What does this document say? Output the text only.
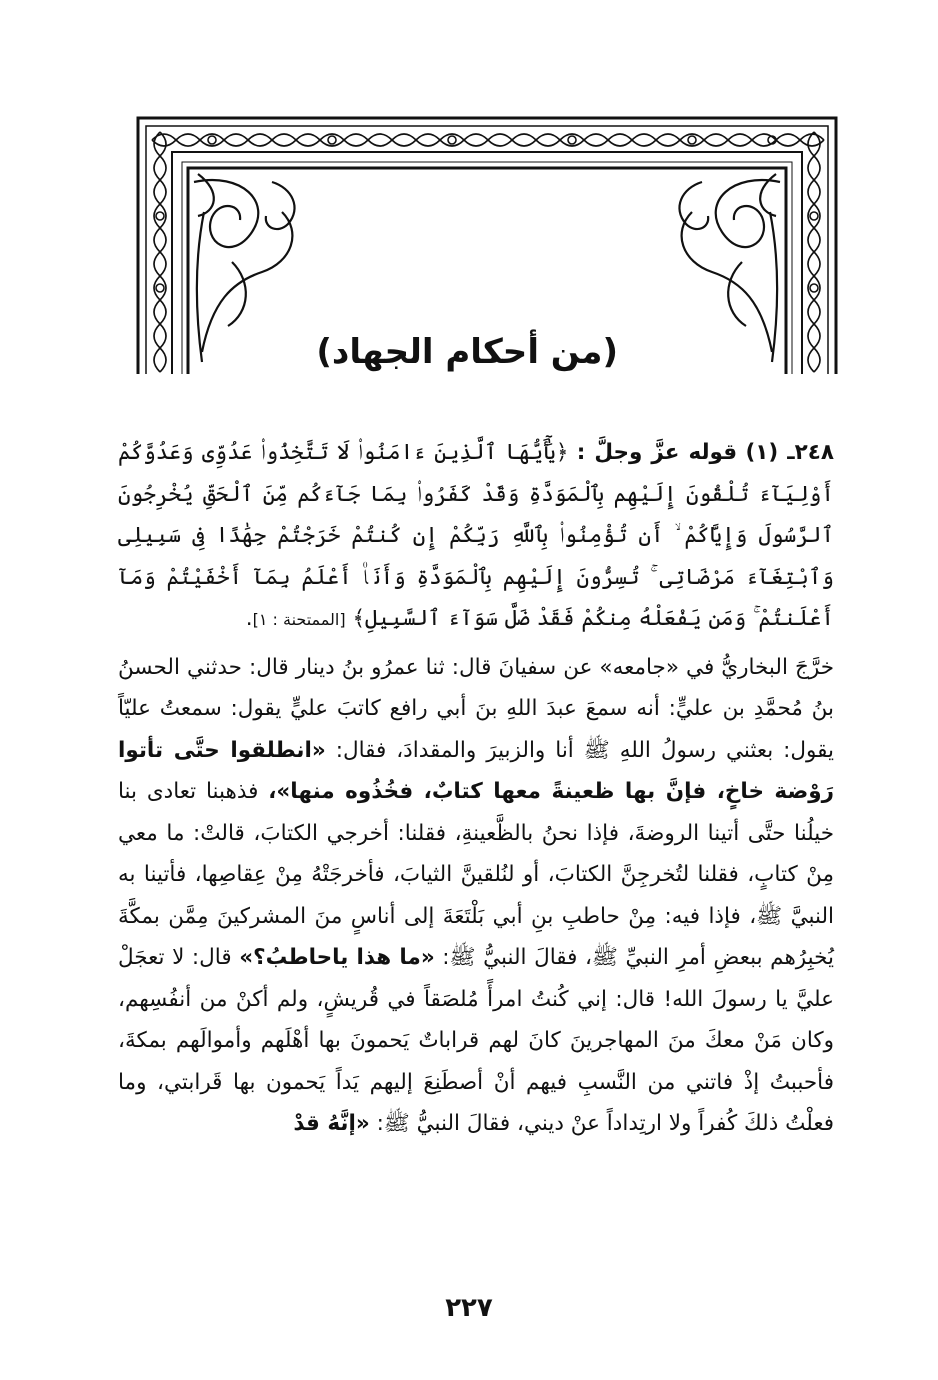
(من أحكام الجهاد)

٢٤٨ـ (١) قوله عزَّ وجلَّ : ﴿يَٰٓأَيُّهَا ٱلَّذِينَ ءَامَنُوا۟ لَا تَتَّخِذُوا۟ عَدُوِّى وَعَدُوَّكُمْ أَوْلِيَآءَ تُلْقُونَ إِلَيْهِم بِٱلْمَوَدَّةِ وَقَدْ كَفَرُوا۟ بِمَا جَآءَكُم مِّنَ ٱلْحَقِّ يُخْرِجُونَ ٱلرَّسُولَ وَإِيَّاكُمْ ۙ أَن تُؤْمِنُوا۟ بِٱللَّهِ رَبِّكُمْ إِن كُنتُمْ خَرَجْتُمْ جِهَٰدًا فِى سَبِيلِى وَٱبْتِغَآءَ مَرْضَاتِى ۚ تُسِرُّونَ إِلَيْهِم بِٱلْمَوَدَّةِ وَأَنَا۠ أَعْلَمُ بِمَآ أَخْفَيْتُمْ وَمَآ أَعْلَنتُمْ ۚ وَمَن يَفْعَلْهُ مِنكُمْ فَقَدْ ضَلَّ سَوَآءَ ٱلسَّبِيلِ﴾ [الممتحنة : ١].

خرَّجَ البخاريُّ في «جامعه» عن سفيانَ قال: ثنا عمرُو بنُ دينار قال: حدثني الحسنُ بنُ مُحمَّدِ بن عليٍّ: أنه سمعَ عبدَ اللهِ بنَ أبي رافع كاتبَ عليٍّ يقول: سمعتُ عليّاً يقول: بعثني رسولُ اللهِ ﷺ أنا والزبيرَ والمقدادَ، فقال: «انطلقوا حتَّى تأتوا رَوْضة خاخٍ، فإنَّ بها ظعينةً معها كتابٌ، فخُذُوه منها»، فذهبنا تعادى بنا خيلُنا حتَّى أتينا الروضةَ، فإذا نحنُ بالظَّعينةِ، فقلنا: أخرجي الكتابَ، قالتْ: ما معي مِنْ كتابٍ، فقلنا لتُخرجِنَّ الكتابَ، أو لنُلقينَّ الثيابَ، فأخرجَتْهُ مِنْ عِقاصِها، فأتينا به النبيَّ ﷺ، فإذا فيه: مِنْ حاطبِ بنِ أبي بَلْتَعَةَ إلى أناسٍ منَ المشركينَ مِمَّن بمكَّةَ يُخبِرُهم ببعضِ أمرِ النبيِّ ﷺ، فقالَ النبيُّ ﷺ: «ما هذا ياحاطبُ؟» قال: لا تعجَلْ عليَّ يا رسولَ الله! قال: إني كُنتُ امرأً مُلصَقاً في قُريشٍ، ولم أكنْ من أنفُسِهم، وكان مَنْ معكَ منَ المهاجرينَ كانَ لهم قراباتٌ يَحمونَ بها أهْلَهم وأموالَهم بمكةَ، فأحببتُ إذْ فاتني من النَّسبِ فيهم أنْ أصطَنِعَ إليهم يَداً يَحمون بها قَرابتي، وما فعلْتُ ذلكَ كُفراً ولا ارتِداداً عنْ ديني، فقالَ النبيُّ ﷺ: «إنَّهُ قدْ

٢٢٧
